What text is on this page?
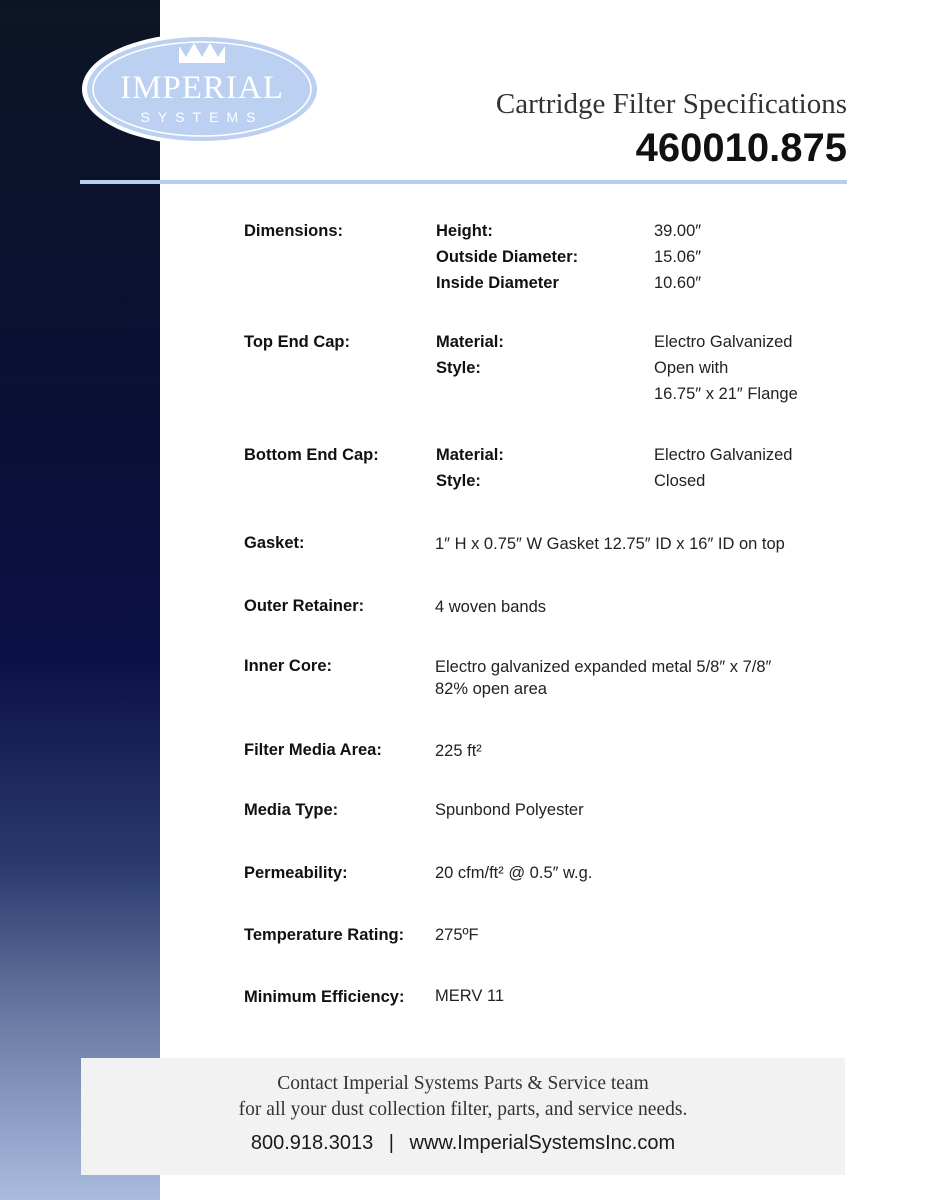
IMPERIAL
SYSTEMS	Cartridge Filter Specifications
460010.875
Dimensions:	Height:	39.00″
Outside Diameter:	15.06″
Inside Diameter	10.60″
Top End Cap:	Material:	Electro Galvanized
Style:	Open with
16.75″ x 21″ Flange
Bottom End Cap:	Material:	Electro Galvanized
Style:	Closed
Gasket:	1″ H x 0.75″ W Gasket 12.75″ ID x 16″ ID on top
Outer Retainer:	4 woven bands
Inner Core:	Electro galvanized expanded metal 5/8″ x 7/8″
82% open area
Filter Media Area:	225 ft²
Media Type:	Spunbond Polyester
Permeability:	20 cfm/ft² @ 0.5″ w.g.
Temperature Rating: 275ºF
Minimum Efficiency: MERV 11
Contact Imperial Systems Parts & Service team
for all your dust collection filter, parts, and service needs.
800.918.3013 | www.ImperialSystemsInc.com
